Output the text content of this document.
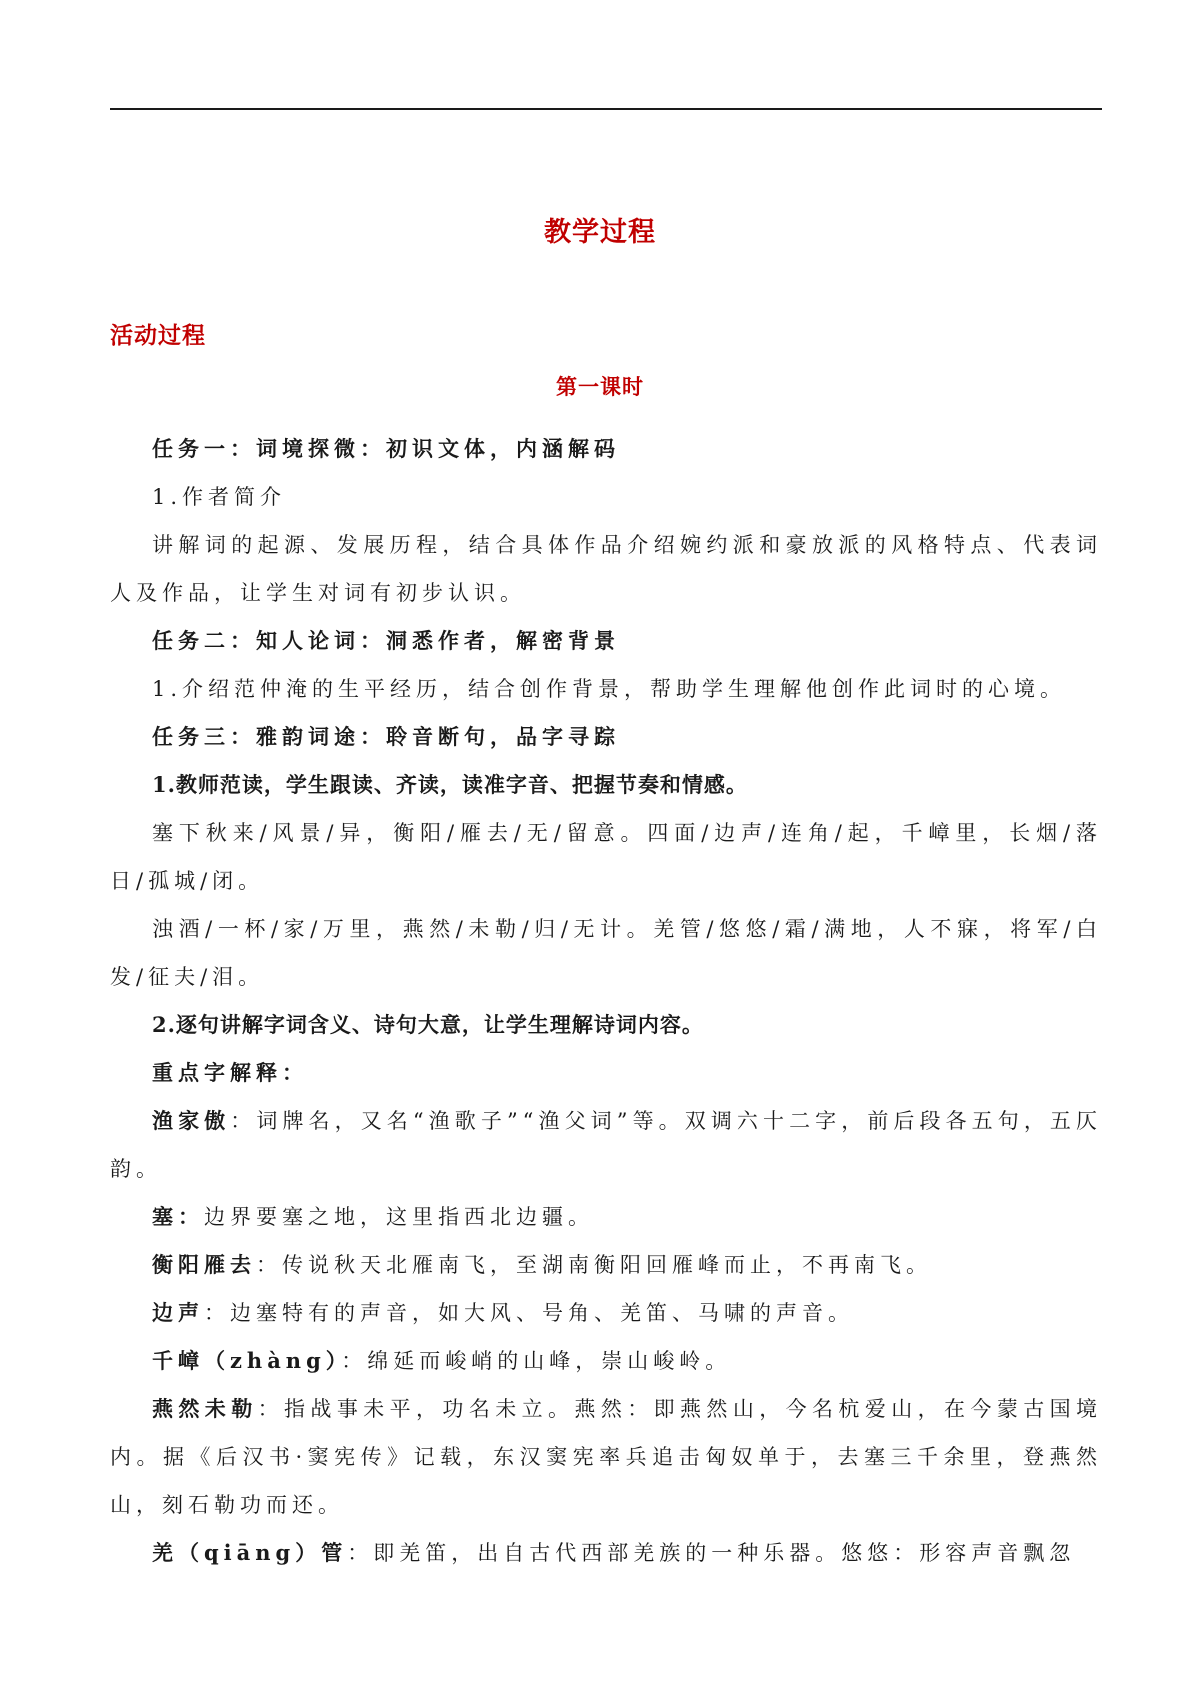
教学过程
活动过程
第一课时

任务一：词境探微：初识文体，内涵解码

1.作者简介

讲解词的起源、发展历程，结合具体作品介绍婉约派和豪放派的风格特点、代表词人及作品，让学生对词有初步认识。

任务二：知人论词：洞悉作者，解密背景

1.介绍范仲淹的生平经历，结合创作背景，帮助学生理解他创作此词时的心境。

任务三：雅韵词途：聆音断句，品字寻踪

1.教师范读，学生跟读、齐读，读准字音、把握节奏和情感。

塞下秋来/风景/异，衡阳/雁去/无/留意。四面/边声/连角/起，千嶂里，长烟/落日/孤城/闭。

浊酒/一杯/家/万里，燕然/未勒/归/无计。羌管/悠悠/霜/满地，人不寐，将军/白发/征夫/泪。

2.逐句讲解字词含义、诗句大意，让学生理解诗词内容。

重点字解释：

渔家傲：词牌名，又名“渔歌子”“渔父词”等。双调六十二字，前后段各五句，五仄韵。

塞：边界要塞之地，这里指西北边疆。

衡阳雁去：传说秋天北雁南飞，至湖南衡阳回雁峰而止，不再南飞。

边声：边塞特有的声音，如大风、号角、羌笛、马啸的声音。

千嶂（zhàng）：绵延而峻峭的山峰，崇山峻岭。

燕然未勒：指战事未平，功名未立。燕然：即燕然山，今名杭爱山，在今蒙古国境内。据《后汉书·窦宪传》记载，东汉窦宪率兵追击匈奴单于，去塞三千余里，登燕然山，刻石勒功而还。

羌（qiāng）管：即羌笛，出自古代西部羌族的一种乐器。悠悠：形容声音飘忽
